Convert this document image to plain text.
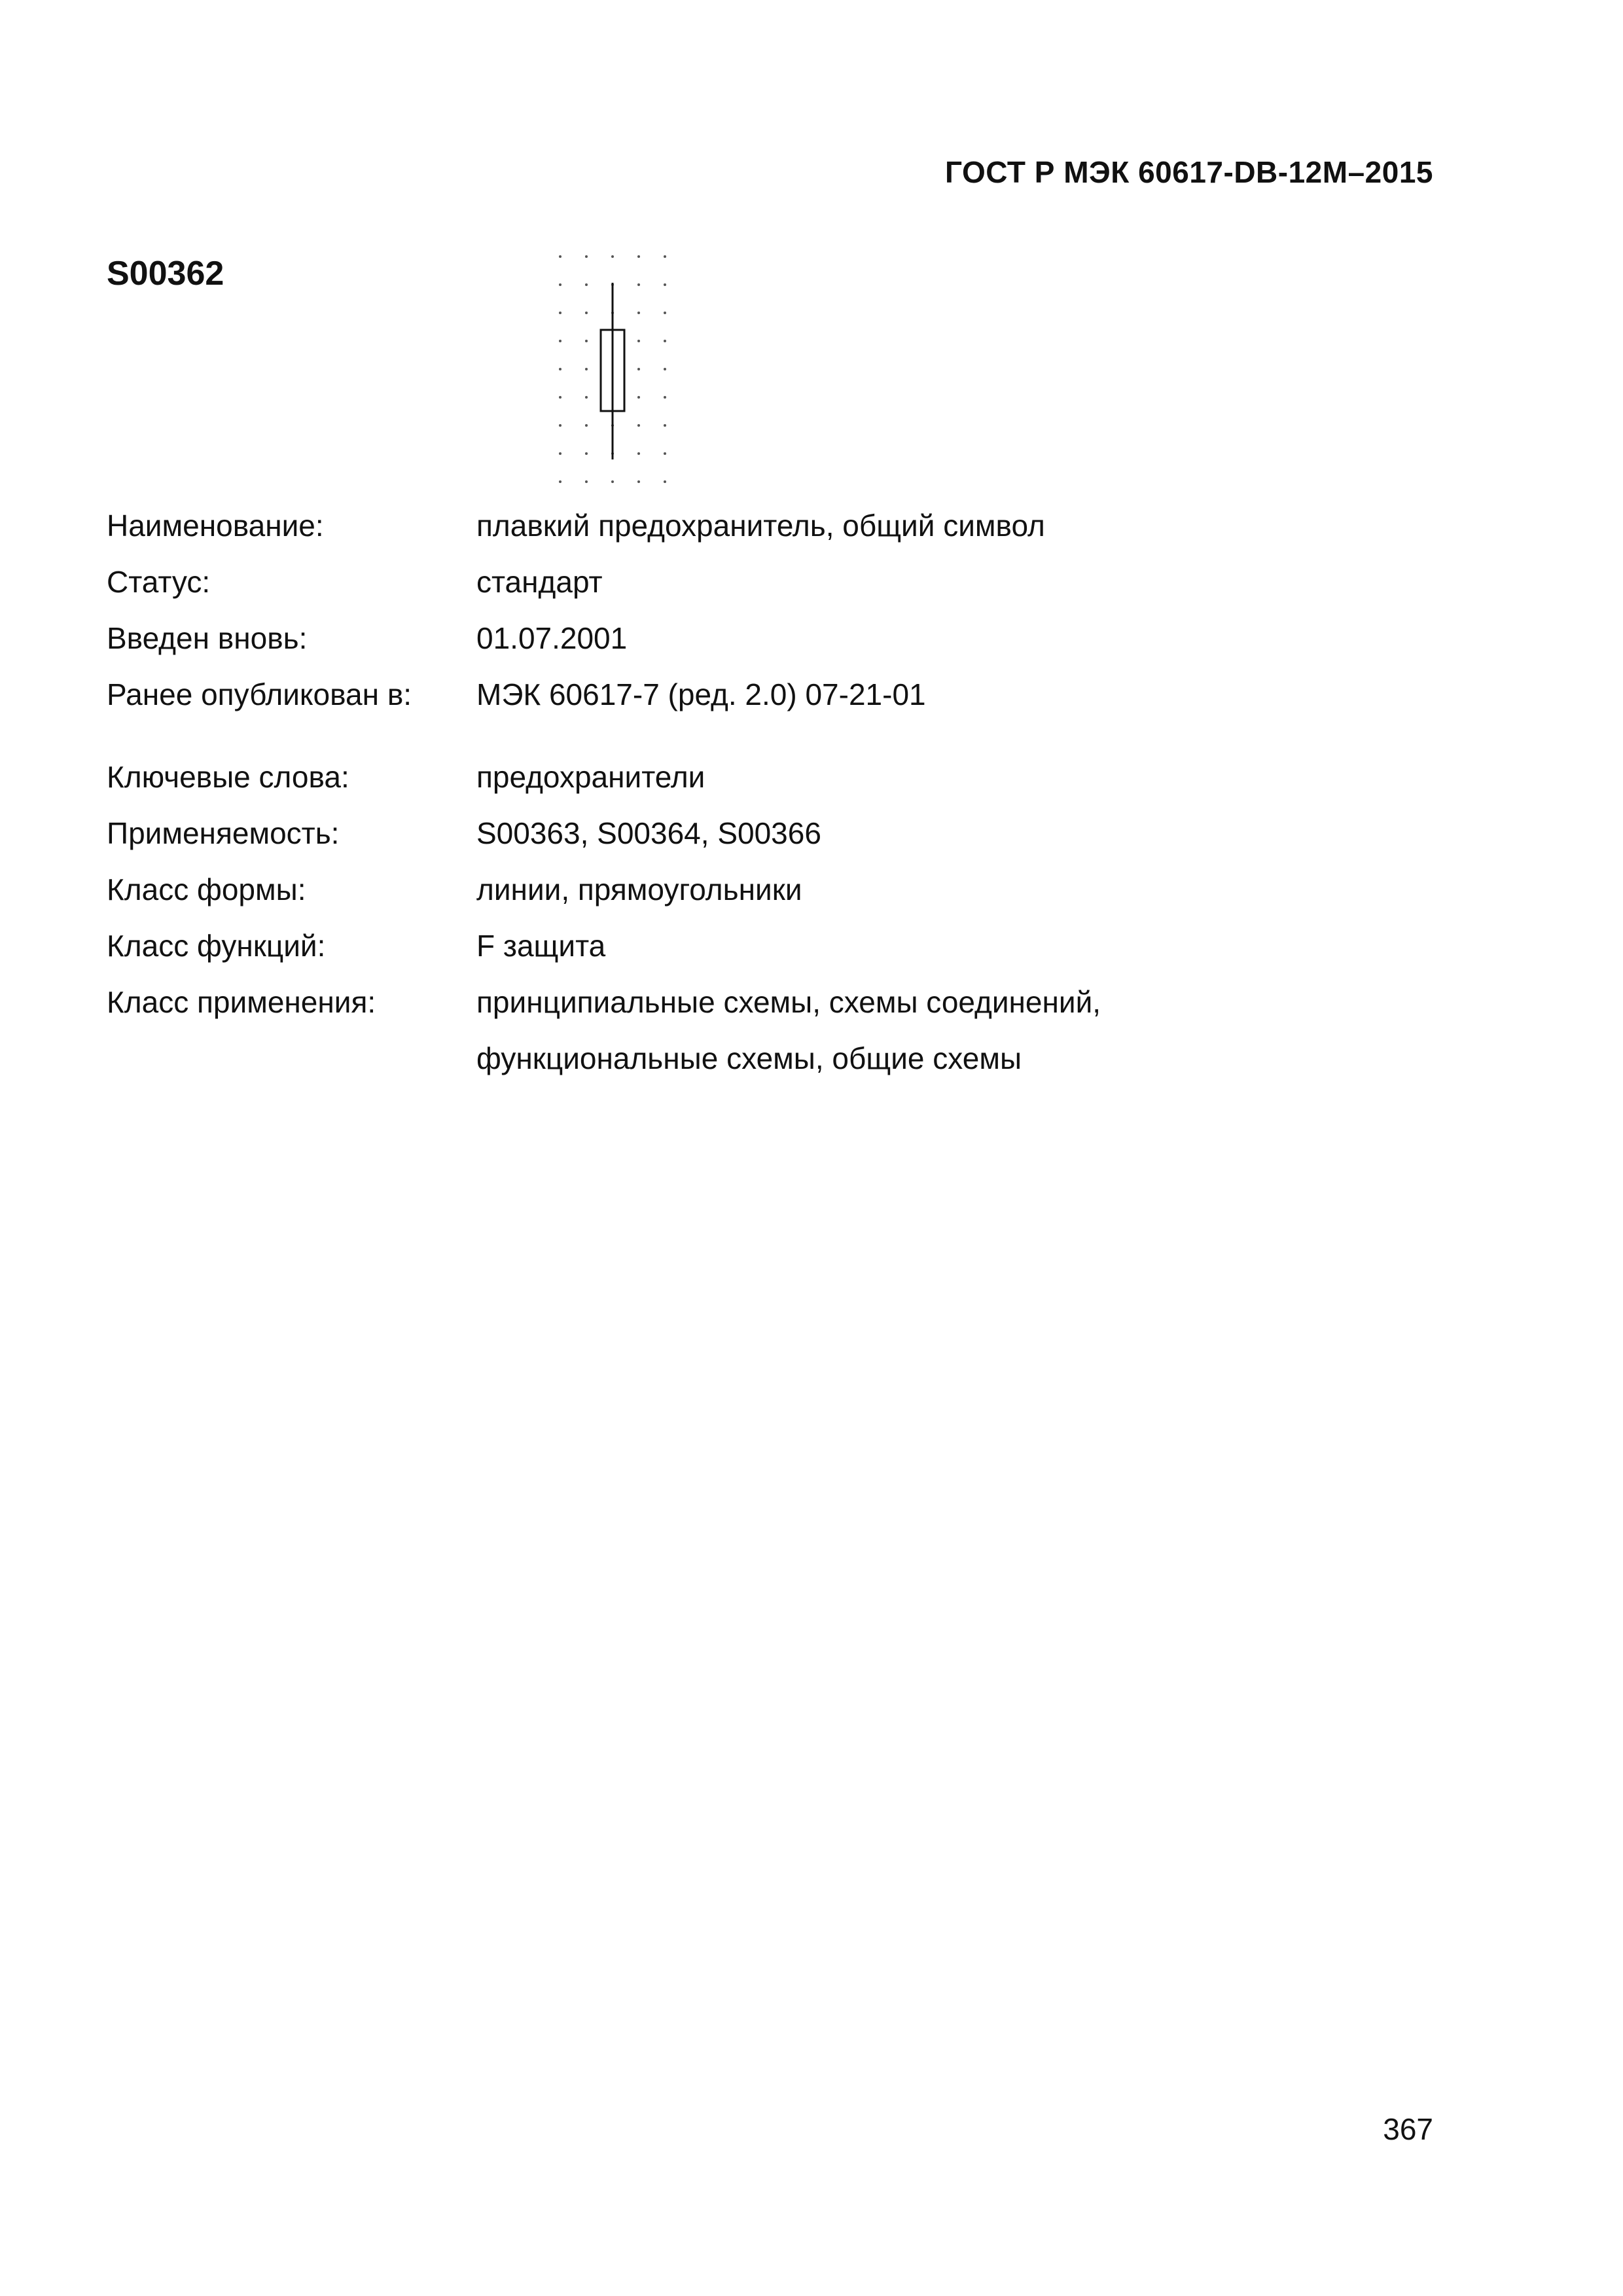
ГОСТ Р МЭК 60617-DB-12M–2015
S00362
Наименование:	плавкий предохранитель, общий символ
Статус:	стандарт
Введен вновь:	01.07.2001
Ранее опубликован в: МЭК 60617-7 (ред. 2.0) 07-21-01
Ключевые слова:	предохранители
Применяемость:	S00363, S00364, S00366
Класс формы:	линии, прямоугольники
Класс функций:	F защита
Класс применения:	принципиальные схемы, схемы соединений,
функциональные схемы, общие схемы
367
